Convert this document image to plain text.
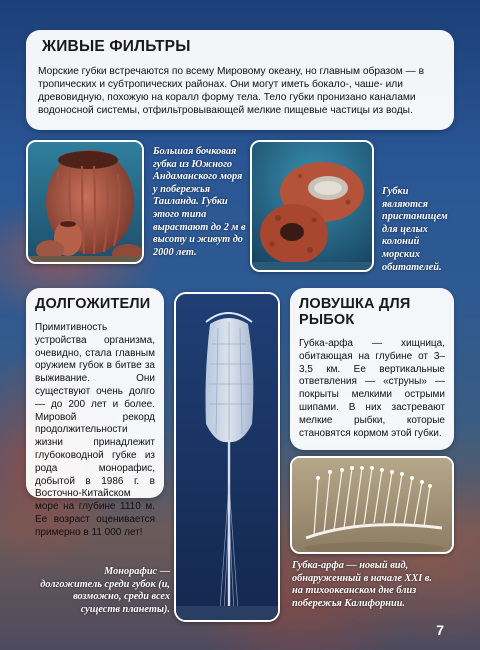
ЖИВЫЕ ФИЛЬТРЫ
Морские губки встречаются по всему Мировому океану, но главным образом — в тропических и субтропических районах. Они могут иметь бокало-, чаше- или древовидную, похожую на коралл форму тела. Тело губки пронизано каналами водоносной системы, отфильтровывающей мелкие пищевые частицы из воды.
Большая бочковая губка из Южного Андаманского моря у побережья Таиланда. Губки этого типа вырастают до 2 м в высоту и живут до 2000 лет.
Губки являются пристанищем для целых колоний морских обитателей.
ДОЛГОЖИТЕЛИ
Примитивность устройства организма, очевидно, стала главным оружием губок в битве за выживание. Они существуют очень долго — до 200 лет и более. Мировой рекорд продолжительности жизни принадлежит глубоководной губке из рода монорафис, добытой в 1986 г. в Восточно-Китайском море на глубине 1110 м. Ее возраст оценивается примерно в 11 000 лет!
ЛОВУШКА ДЛЯ РЫБОК
Губка-арфа — хищница, обитающая на глубине от 3–3,5 км. Ее вертикальные ответвления — «струны» — покрыты мелкими острыми шипами. В них застревают мелкие рыбки, которые становятся кормом этой губки.
Губка-арфа — новый вид, обнаруженный в начале XXI в. на тихоокеанском дне близ побережья Калифорнии.
Монорафис — долгожитель среди губок (и, возможно, среди всех существ планеты).
7
